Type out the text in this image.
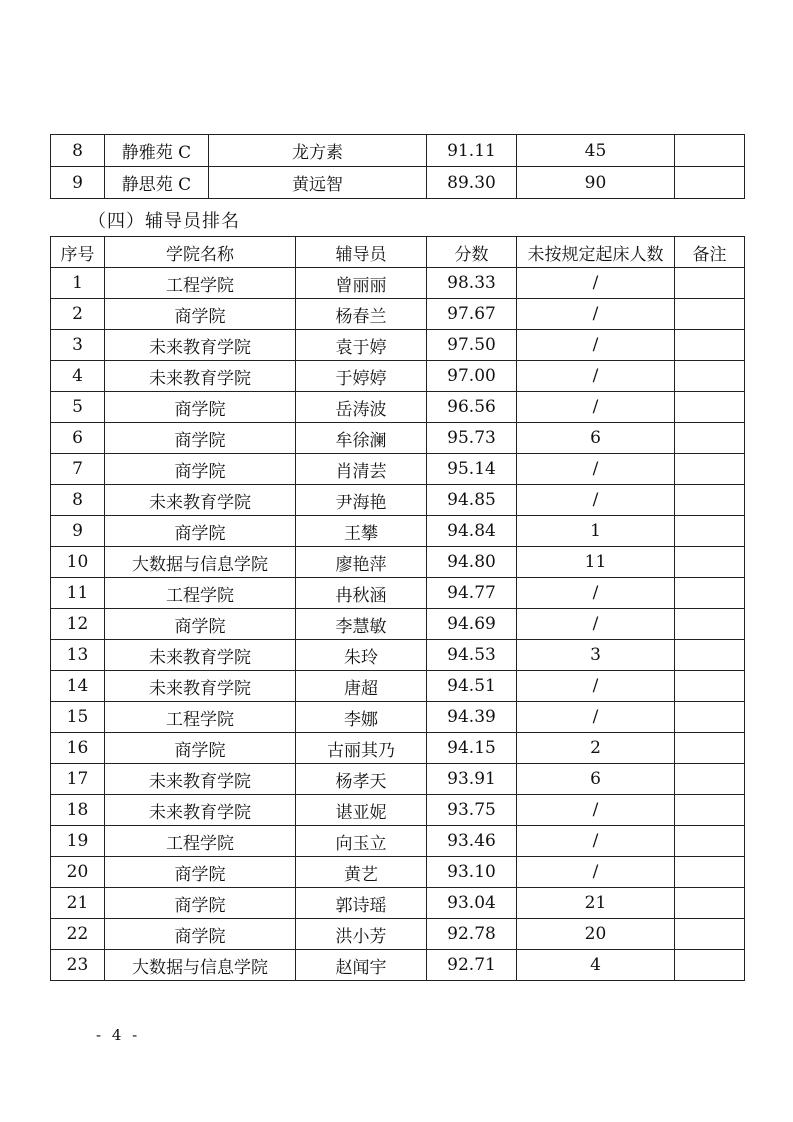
8	静雅苑 C	龙方素	91.11	45	
9	静思苑 C	黄远智	89.30	90	
（四）辅导员排名
序号	学院名称	辅导员	分数	未按规定起床人数	备注
1	工程学院	曾丽丽	98.33	/	
2	商学院	杨春兰	97.67	/	
3	未来教育学院	袁于婷	97.50	/	
4	未来教育学院	于婷婷	97.00	/	
5	商学院	岳涛波	96.56	/	
6	商学院	牟徐澜	95.73	6	
7	商学院	肖清芸	95.14	/	
8	未来教育学院	尹海艳	94.85	/	
9	商学院	王攀	94.84	1	
10	大数据与信息学院	廖艳萍	94.80	11	
11	工程学院	冉秋涵	94.77	/	
12	商学院	李慧敏	94.69	/	
13	未来教育学院	朱玲	94.53	3	
14	未来教育学院	唐超	94.51	/	
15	工程学院	李娜	94.39	/	
16	商学院	古丽其乃	94.15	2	
17	未来教育学院	杨孝天	93.91	6	
18	未来教育学院	谌亚妮	93.75	/	
19	工程学院	向玉立	93.46	/	
20	商学院	黄艺	93.10	/	
21	商学院	郭诗瑶	93.04	21	
22	商学院	洪小芳	92.78	20	
23	大数据与信息学院	赵闻宇	92.71	4	
- 4 -
